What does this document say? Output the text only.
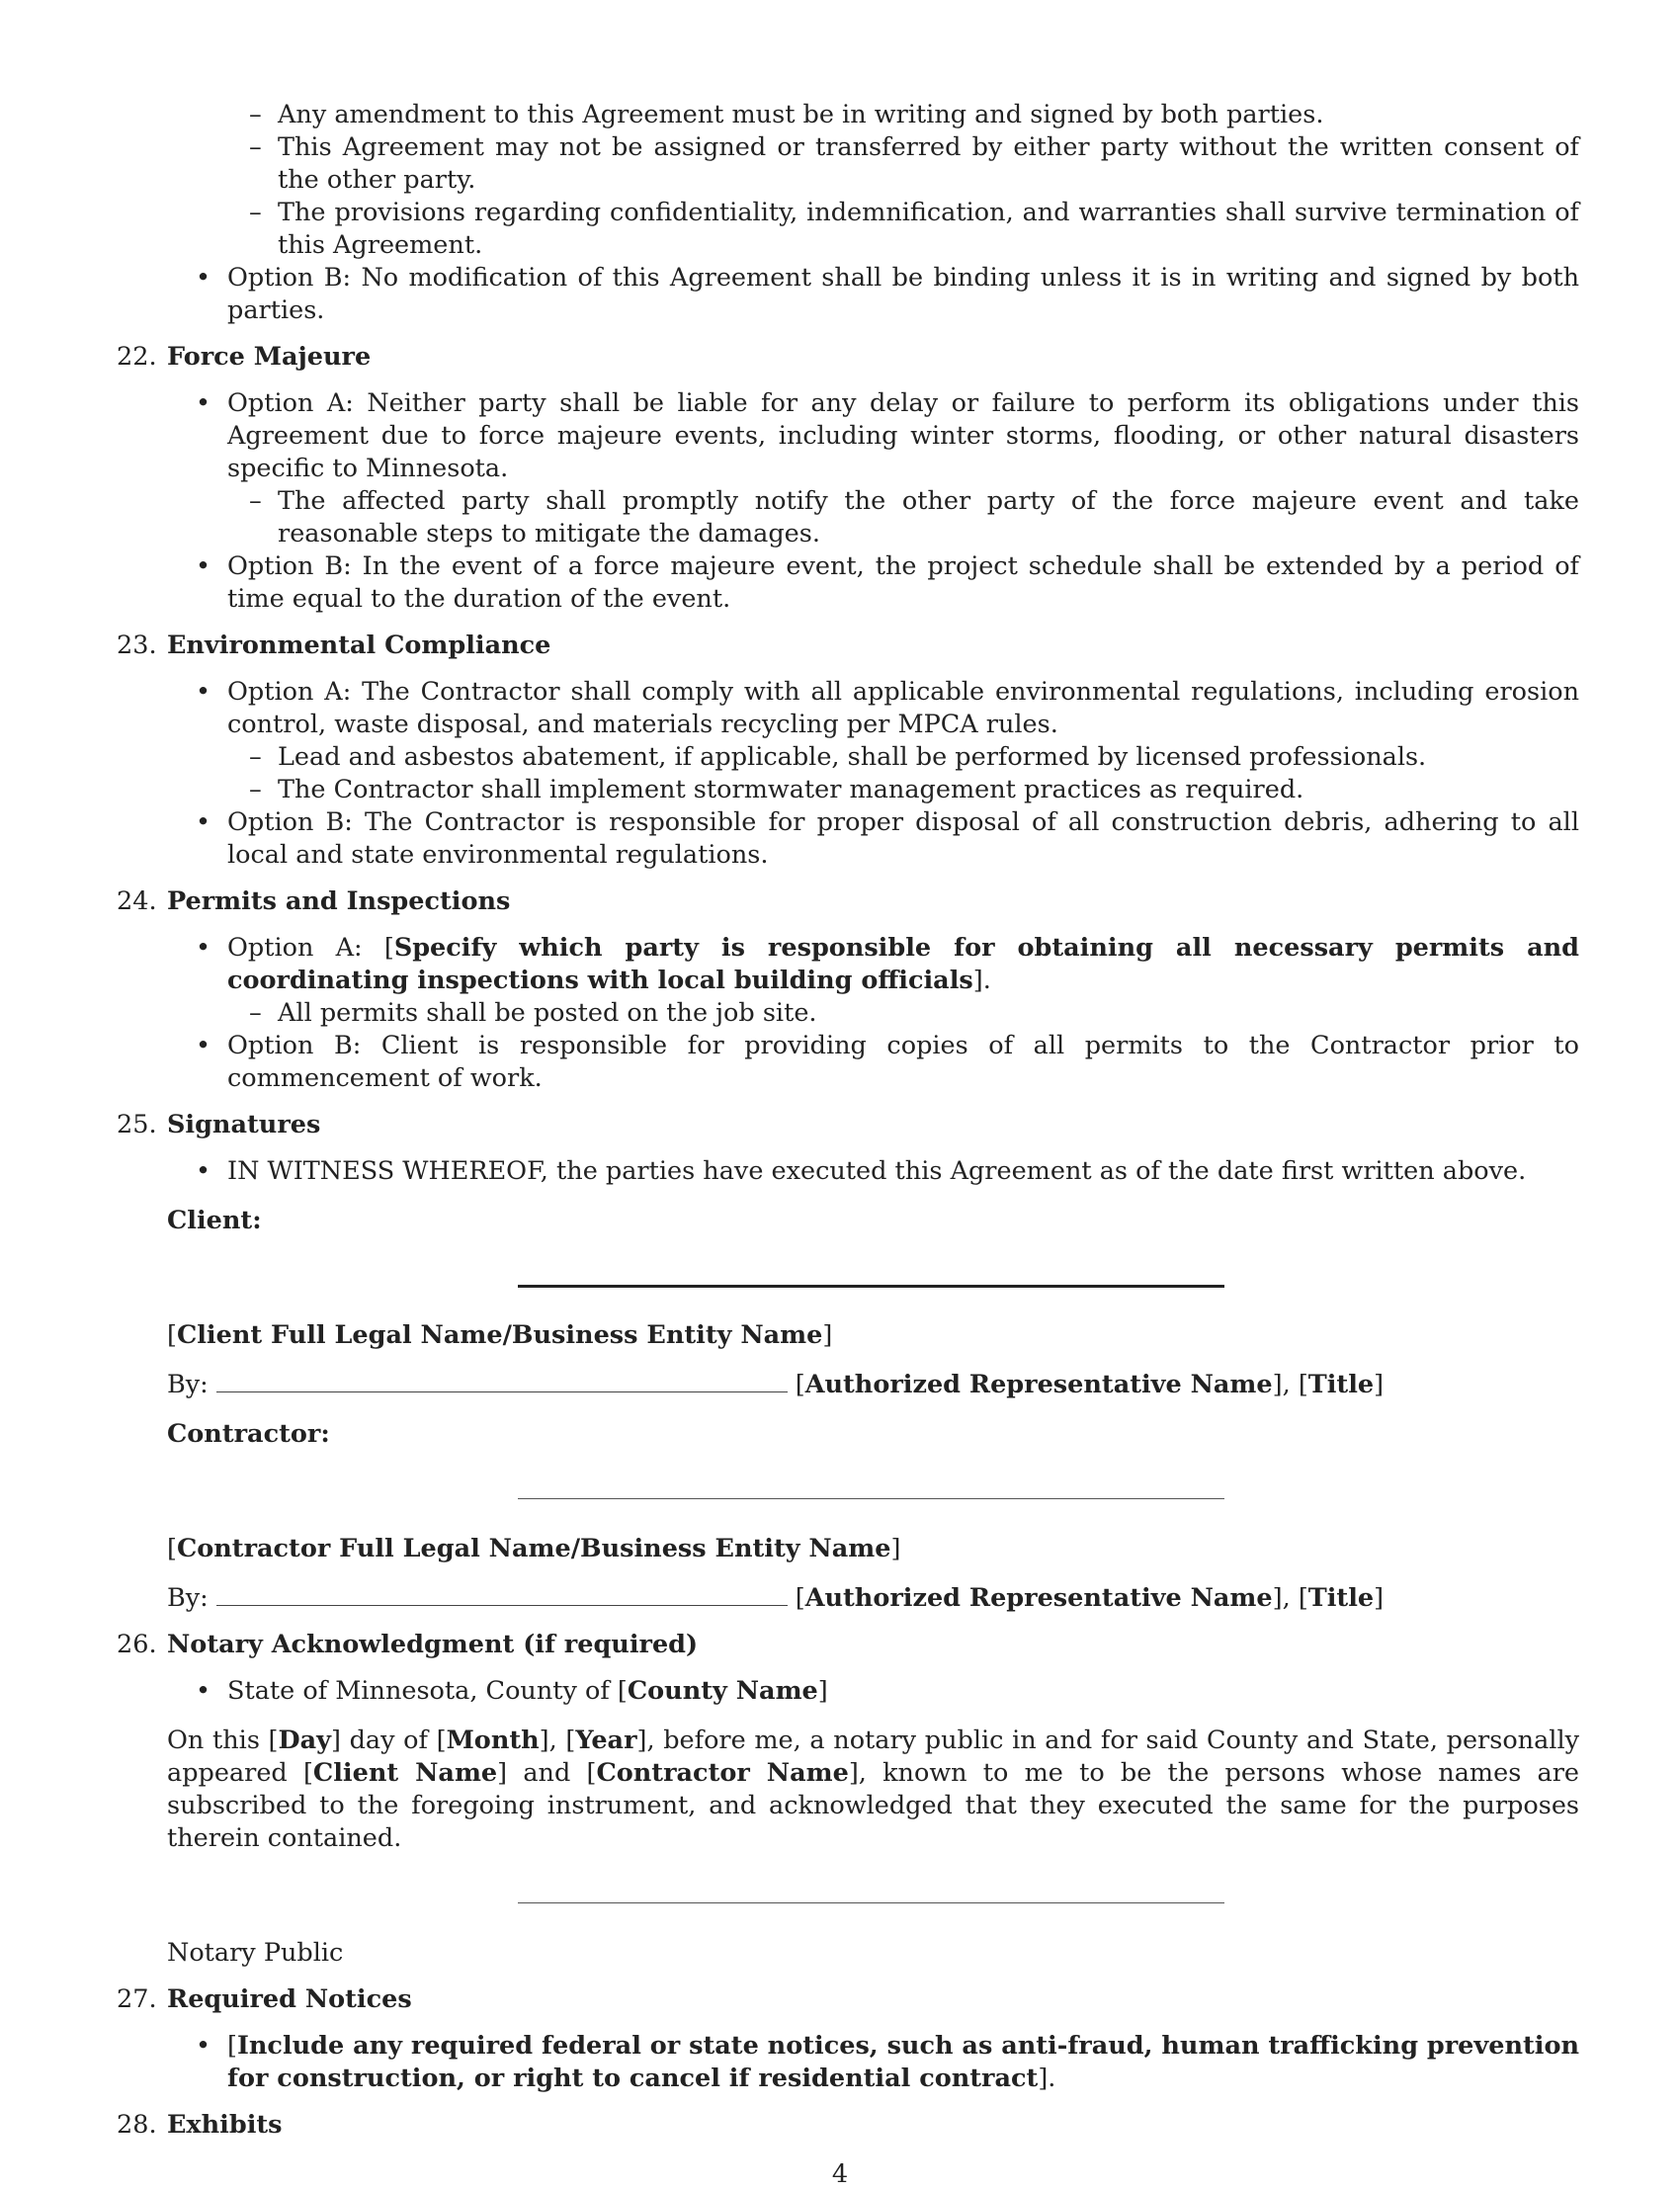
– Any amendment to this Agreement must be in writing and signed by both parties.
– This Agreement may not be assigned or transferred by either party without the written consent of the other party.
– The provisions regarding confidentiality, indemnification, and warranties shall survive termination of this Agreement.
• Option B: No modification of this Agreement shall be binding unless it is in writing and signed by both parties.
22. Force Majeure
• Option A: Neither party shall be liable for any delay or failure to perform its obligations under this Agreement due to force majeure events, including winter storms, flooding, or other natural disasters specific to Minnesota.
– The affected party shall promptly notify the other party of the force majeure event and take reasonable steps to mitigate the damages.
• Option B: In the event of a force majeure event, the project schedule shall be extended by a period of time equal to the duration of the event.
23. Environmental Compliance
• Option A: The Contractor shall comply with all applicable environmental regulations, including erosion control, waste disposal, and materials recycling per MPCA rules.
– Lead and asbestos abatement, if applicable, shall be performed by licensed professionals.
– The Contractor shall implement stormwater management practices as required.
• Option B: The Contractor is responsible for proper disposal of all construction debris, adhering to all local and state environmental regulations.
24. Permits and Inspections
• Option A: [Specify which party is responsible for obtaining all necessary permits and coordinating inspections with local building officials].
– All permits shall be posted on the job site.
• Option B: Client is responsible for providing copies of all permits to the Contractor prior to commencement of work.
25. Signatures
• IN WITNESS WHEREOF, the parties have executed this Agreement as of the date first written above.
Client:
[Client Full Legal Name/Business Entity Name]
By:	[Authorized Representative Name], [Title]
Contractor:
[Contractor Full Legal Name/Business Entity Name]
By:	[Authorized Representative Name], [Title]
26. Notary Acknowledgment (if required)
• State of Minnesota, County of [County Name]
On this [Day] day of [Month], [Year], before me, a notary public in and for said County and State, personally appeared [Client Name] and [Contractor Name], known to me to be the persons whose names are subscribed to the foregoing instrument, and acknowledged that they executed the same for the purposes therein contained.
Notary Public
27. Required Notices
• [Include any required federal or state notices, such as anti-fraud, human trafficking prevention for construction, or right to cancel if residential contract].
28. Exhibits
4
